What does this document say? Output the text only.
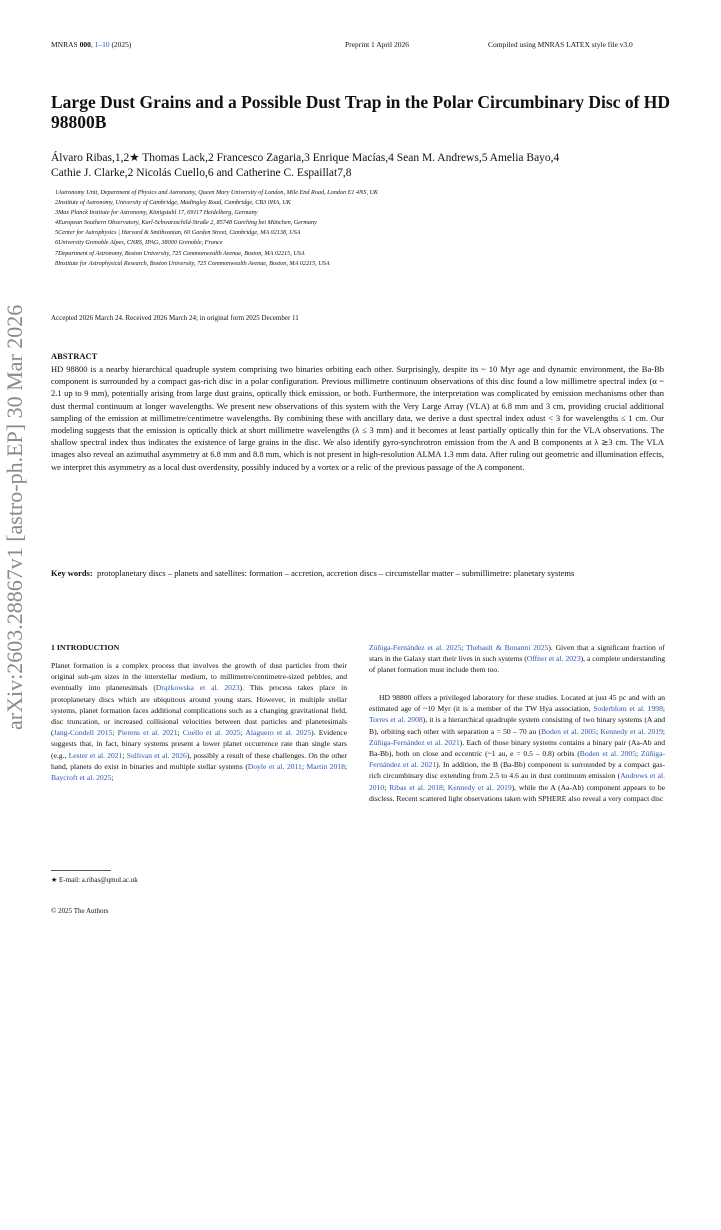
MNRAS 000, 1–10 (2025)	Preprint 1 April 2026	Compiled using MNRAS LATEX style file v3.0
arXiv:2603.28867v1 [astro-ph.EP] 30 Mar 2026
Large Dust Grains and a Possible Dust Trap in the Polar Circumbinary Disc of HD 98800B
Álvaro Ribas,1,2★ Thomas Lack,2 Francesco Zagaria,3 Enrique Macías,4 Sean M. Andrews,5 Amelia Bayo,4
Cathie J. Clarke,2 Nicolás Cuello,6 and Catherine C. Espaillat7,8
1Astronomy Unit, Department of Physics and Astronomy, Queen Mary University of London, Mile End Road, London E1 4NS, UK
2Institute of Astronomy, University of Cambridge, Madingley Road, Cambridge, CB3 0HA, UK
3Max Planck Institute for Astronomy, Königstuhl 17, 69117 Heidelberg, Germany
4European Southern Observatory, Karl-Schwarzschild-Straße 2, 85748 Garching bei München, Germany
5Center for Astrophysics | Harvard & Smithsonian, 60 Garden Street, Cambridge, MA 02138, USA
6University Grenoble Alpes, CNRS, IPAG, 38000 Grenoble, France
7Department of Astronomy, Boston University, 725 Commonwealth Avenue, Boston, MA 02215, USA
8Institute for Astrophysical Research, Boston University, 725 Commonwealth Avenue, Boston, MA 02215, USA
Accepted 2026 March 24. Received 2026 March 24; in original form 2025 December 11
ABSTRACT
HD 98800 is a nearby hierarchical quadruple system comprising two binaries orbiting each other. Surprisingly, despite its ~ 10 Myr age and dynamic environment, the Ba-Bb component is surrounded by a compact gas-rich disc in a polar configuration. Previous millimetre continuum observations of this disc found a low millimetre spectral index (α ~ 2.1 up to 9 mm), potentially arising from large dust grains, optically thick emission, or both. Furthermore, the interpretation was complicated by emission mechanisms other than dust thermal continuum at longer wavelengths. We present new observations of this system with the Very Large Array (VLA) at 6.8 mm and 3 cm, providing crucial additional sampling of the emission at millimetre/centimetre wavelengths. By combining these with ancillary data, we derive a dust spectral index αdust < 3 for wavelengths ≤ 1 cm. Our modeling suggests that the emission is optically thick at short millimetre wavelengths (λ ≤ 3 mm) and it becomes at least partially optically thin for the VLA observations. The shallow spectral index thus indicates the existence of large grains in the disc. We also identify gyro-synchrotron emission from the A and B components at λ ≳3 cm. The VLA images also reveal an azimuthal asymmetry at 6.8 mm and 8.8 mm, which is not present in high-resolution ALMA 1.3 mm data. After ruling out geometric and illumination effects, we interpret this asymmetry as a local dust overdensity, possibly induced by a vortex or a relic of the previous passage of the A component.
Key words: protoplanetary discs – planets and satellites: formation – accretion, accretion discs – circumstellar matter – submillimetre: planetary systems
1 INTRODUCTION
Planet formation is a complex process that involves the growth of dust particles from their original sub-μm sizes in the interstellar medium, to millimetre/centimetre-sized pebbles, and eventually into planetesimals (Drążkowska et al. 2023). This process takes place in protoplanetary discs which are ubiquitous around young stars. However, in multiple stellar systems, planet formation faces additional complications such as a changing gravitational field, disc truncation, or increased collisional velocities between dust particles and planetesimals (Jang-Condell 2015; Pierens et al. 2021; Cuello et al. 2025; Alaguero et al. 2025). Evidence suggests that, in fact, binary systems present a lower planet occurrence rate than single stars (e.g., Lester et al. 2021; Sullivan et al. 2026), possibly a result of these challenges. On the other hand, planets do exist in binaries and multiple stellar systems (Doyle et al. 2011; Martin 2018; Baycroft et al. 2025;
Zúñiga-Fernández et al. 2025; Thebault & Bonanni 2025). Given that a significant fraction of stars in the Galaxy start their lives in such systems (Offner et al. 2023), a complete understanding of planet formation must include them too.
HD 98800 offers a privileged laboratory for these studies. Located at just 45 pc and with an estimated age of ~10 Myr (it is a member of the TW Hya association, Soderblom et al. 1998; Torres et al. 2008), it is a hierarchical quadruple system consisting of two binary systems (A and B), orbiting each other with separation a = 50 – 70 au (Boden et al. 2005; Kennedy et al. 2019; Zúñiga-Fernández et al. 2021). Each of those binary systems contains a binary pair (Aa-Ab and Ba-Bb), both on close and eccentric (~1 au, e = 0.5 – 0.8) orbits (Boden et al. 2005; Zúñiga-Fernández et al. 2021). In addition, the B (Ba-Bb) component is surrounded by a compact gas-rich circumbinary disc extending from 2.5 to 4.6 au in dust continuum emission (Andrews et al. 2010; Ribas et al. 2018; Kennedy et al. 2019), while the A (Aa-Ab) component appears to be discless. Recent scattered light observations taken with SPHERE also reveal a very compact disc
★ E-mail: a.ribas@qmul.ac.uk
© 2025 The Authors
